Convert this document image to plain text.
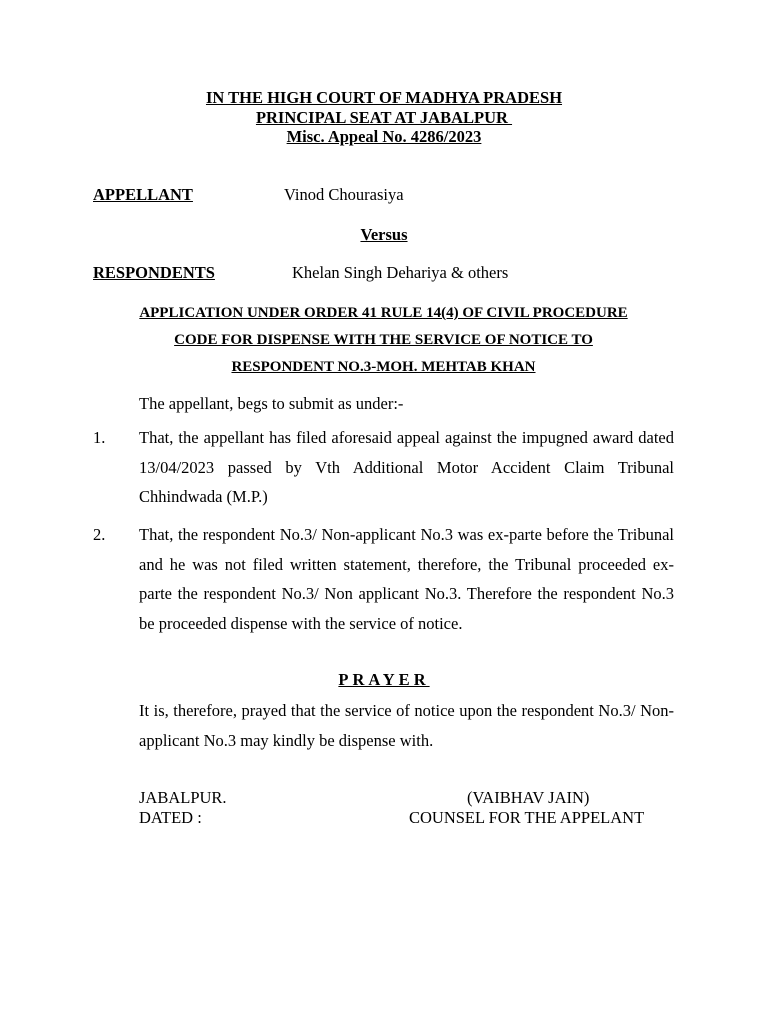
IN THE HIGH COURT OF MADHYA PRADESH
PRINCIPAL SEAT AT JABALPUR
Misc. Appeal No. 4286/2023
APPELLANT	Vinod Chourasiya
Versus
RESPONDENTS	Khelan Singh Dehariya & others
APPLICATION UNDER ORDER 41 RULE 14(4) OF CIVIL PROCEDURE
CODE FOR DISPENSE WITH THE SERVICE OF NOTICE TO
RESPONDENT NO.3-MOH. MEHTAB KHAN
The appellant, begs to submit as under:-
1. That, the appellant has filed aforesaid appeal against the impugned award dated 13/04/2023 passed by Vth Additional Motor Accident Claim Tribunal Chhindwada (M.P.)
2. That, the respondent No.3/ Non-applicant No.3 was ex-parte before the Tribunal and he was not filed written statement, therefore, the Tribunal proceeded ex-parte the respondent No.3/ Non applicant No.3. Therefore the respondent No.3 be proceeded dispense with the service of notice.
PRAYER
It is, therefore, prayed that the service of notice upon the respondent No.3/ Non-applicant No.3 may kindly be dispense with.
JABALPUR.
DATED :
(VAIBHAV JAIN)
COUNSEL FOR THE APPELANT
